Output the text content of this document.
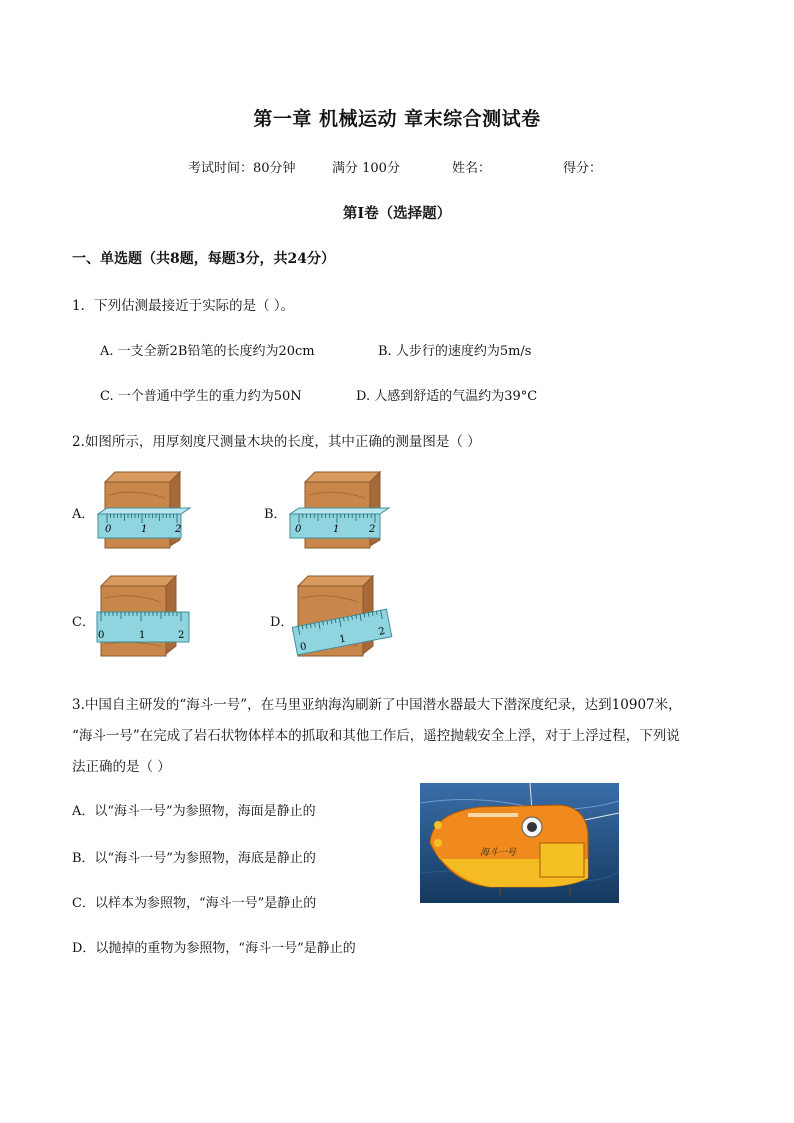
第一章 机械运动 章末综合测试卷
考试时间：80分钟	满分 100分	姓名：	得分：
第Ⅰ卷（选择题）
一、单选题（共8题，每题3分，共24分）
1．下列估测最接近于实际的是（ ）。
A. 一支全新2B铅笔的长度约为20cm	B. 人步行的速度约为5m/s
C. 一个普通中学生的重力约为50N	D. 人感到舒适的气温约为39°C
2.如图所示，用厚刻度尺测量木块的长度，其中正确的测量图是（ ）
A．	B．
C．	D．
0	1	2	0	1	2
0	1	2
0
1
2
3.中国自主研发的“海斗一号”，在马里亚纳海沟刷新了中国潜水器最大下潜深度纪录，达到10907米，
“海斗一号”在完成了岩石状物体样本的抓取和其他工作后，遥控抛载安全上浮，对于上浮过程，下列说
法正确的是（ ）
A．以“海斗一号”为参照物，海面是静止的
B．以“海斗一号”为参照物，海底是静止的
C．以样本为参照物，“海斗一号”是静止的
D．以抛掉的重物为参照物，“海斗一号”是静止的
海斗一号
